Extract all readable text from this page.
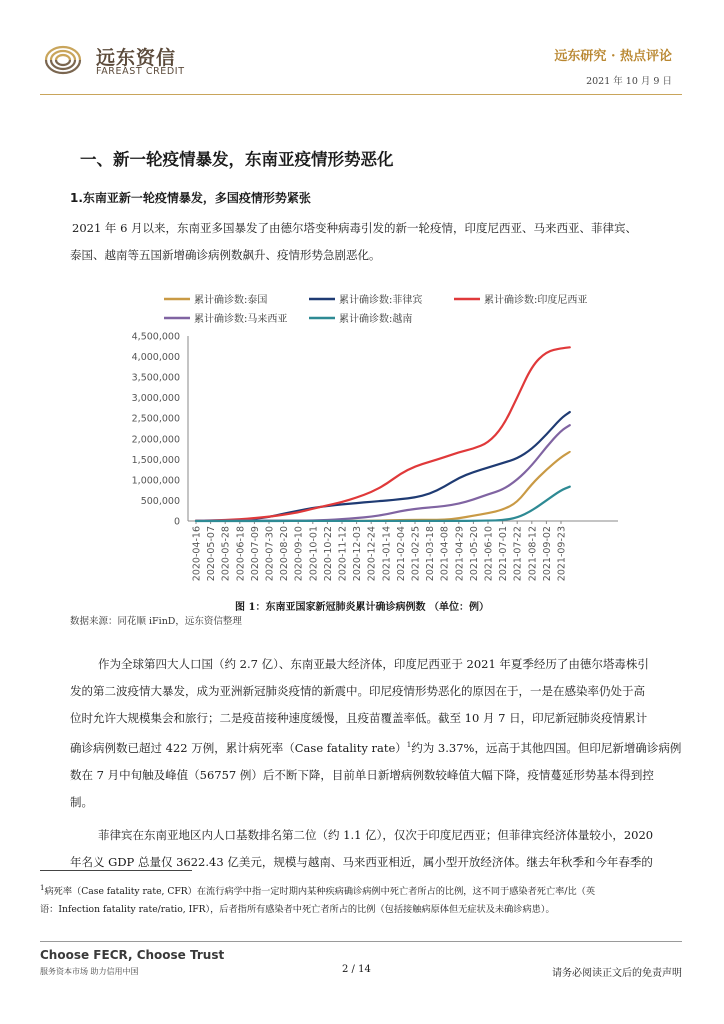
远东资信
FAREAST CREDIT
远东研究 · 热点评论
2021 年 10 月 9 日
一、新一轮疫情暴发，东南亚疫情形势恶化
1.东南亚新一轮疫情暴发，多国疫情形势紧张

2021 年 6 月以来，东南亚多国暴发了由德尔塔变种病毒引发的新一轮疫情，印度尼西亚、马来西亚、菲律宾、

泰国、越南等五国新增确诊病例数飙升、疫情形势急剧恶化。

累计确诊数:泰国	累计确诊数:菲律宾	累计确诊数:印度尼西亚
累计确诊数:马来西亚	累计确诊数:越南
0
500,000
1,000,000
1,500,000
2,000,000
2,500,000
3,000,000
3,500,000
4,000,000
4,500,000
2020-04-16 2020-05-07 2020-05-28 2020-06-18 2020-07-09 2020-07-30 2020-08-20 2020-09-10 2020-10-01 2020-10-22 2020-11-12 2020-12-03 2020-12-24 2021-01-14 2021-02-04 2021-02-25 2021-03-18 2021-04-08 2021-04-29 2021-05-20 2021-06-10 2021-07-01 2021-07-22 2021-08-12 2021-09-02 2021-09-23
图 1：东南亚国家新冠肺炎累计确诊病例数 （单位：例）
数据来源：同花顺 iFinD，远东资信整理

作为全球第四大人口国（约 2.7 亿）、东南亚最大经济体，印度尼西亚于 2021 年夏季经历了由德尔塔毒株引

发的第二波疫情大暴发，成为亚洲新冠肺炎疫情的新震中。印尼疫情形势恶化的原因在于，一是在感染率仍处于高

位时允许大规模集会和旅行；二是疫苗接种速度缓慢，且疫苗覆盖率低。截至 10 月 7 日，印尼新冠肺炎疫情累计

确诊病例数已超过 422 万例，累计病死率（Case fatality rate）$^1$约为 3.37%，远高于其他四国。但印尼新增确诊病例

数在 7 月中旬触及峰值（56757 例）后不断下降，目前单日新增病例数较峰值大幅下降，疫情蔓延形势基本得到控

制。

菲律宾在东南亚地区内人口基数排名第二位（约 1.1 亿），仅次于印度尼西亚；但菲律宾经济体量较小，2020

年名义 GDP 总量仅 3622.43 亿美元，规模与越南、马来西亚相近，属小型开放经济体。继去年秋季和今年春季的

$^1$病死率（Case fatality rate, CFR）在流行病学中指一定时期内某种疾病确诊病例中死亡者所占的比例，这不同于感染者死亡率/比（英
语：Infection fatality rate/ratio, IFR），后者指所有感染者中死亡者所占的比例（包括接触病原体但无症状及未确诊病患）。
Choose FECR, Choose Trust
服务资本市场 助力信用中国	2 / 14	请务必阅读正文后的免责声明
